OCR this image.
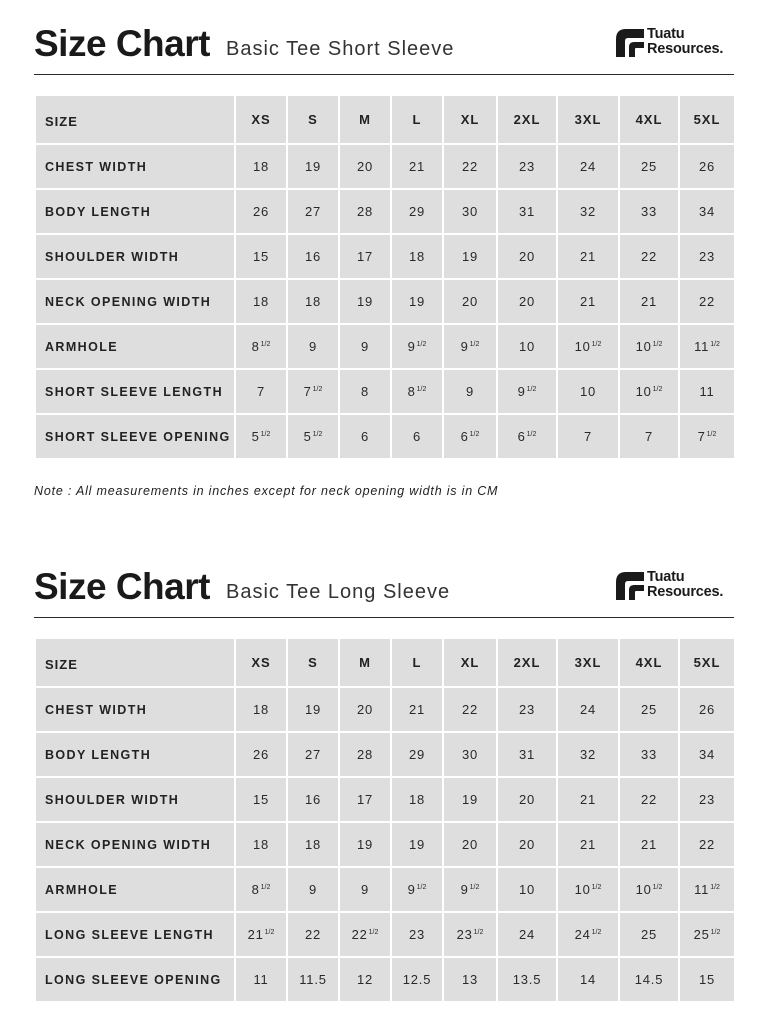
Size Chart Basic Tee Short Sleeve
Tuatu
Resources.
SIZE	XS	S	M	L	XL	2XL	3XL	4XL	5XL
CHEST WIDTH	18	19	20	21	22	23	24	25	26
BODY LENGTH	26	27	28	29	30	31	32	33	34
SHOULDER WIDTH	15	16	17	18	19	20	21	22	23
NECK OPENING WIDTH	18	18	19	19	20	20	21	21	22
ARMHOLE	$8^{1/2}$	9	9	$9^{1/2}$	$9^{1/2}$	10	$10^{1/2}$	$10^{1/2}$	$11^{1/2}$
SHORT SLEEVE LENGTH	7	$7^{1/2}$	8	$8^{1/2}$	9	$9^{1/2}$	10	$10^{1/2}$	11
SHORT SLEEVE OPENING	$5^{1/2}$	$5^{1/2}$	6	6	$6^{1/2}$	$6^{1/2}$	7	7	$7^{1/2}$
Note : All measurements in inches except for neck opening width is in CM
Size Chart Basic Tee Long Sleeve
Tuatu
Resources.
SIZE	XS	S	M	L	XL	2XL	3XL	4XL	5XL
CHEST WIDTH	18	19	20	21	22	23	24	25	26
BODY LENGTH	26	27	28	29	30	31	32	33	34
SHOULDER WIDTH	15	16	17	18	19	20	21	22	23
NECK OPENING WIDTH	18	18	19	19	20	20	21	21	22
ARMHOLE	$8^{1/2}$	9	9	$9^{1/2}$	$9^{1/2}$	10	$10^{1/2}$	$10^{1/2}$	$11^{1/2}$
LONG SLEEVE LENGTH	$21^{1/2}$	22	$22^{1/2}$	23	$23^{1/2}$	24	$24^{1/2}$	25	$25^{1/2}$
LONG SLEEVE OPENING	11	11.5	12	12.5	13	13.5	14	14.5	15
